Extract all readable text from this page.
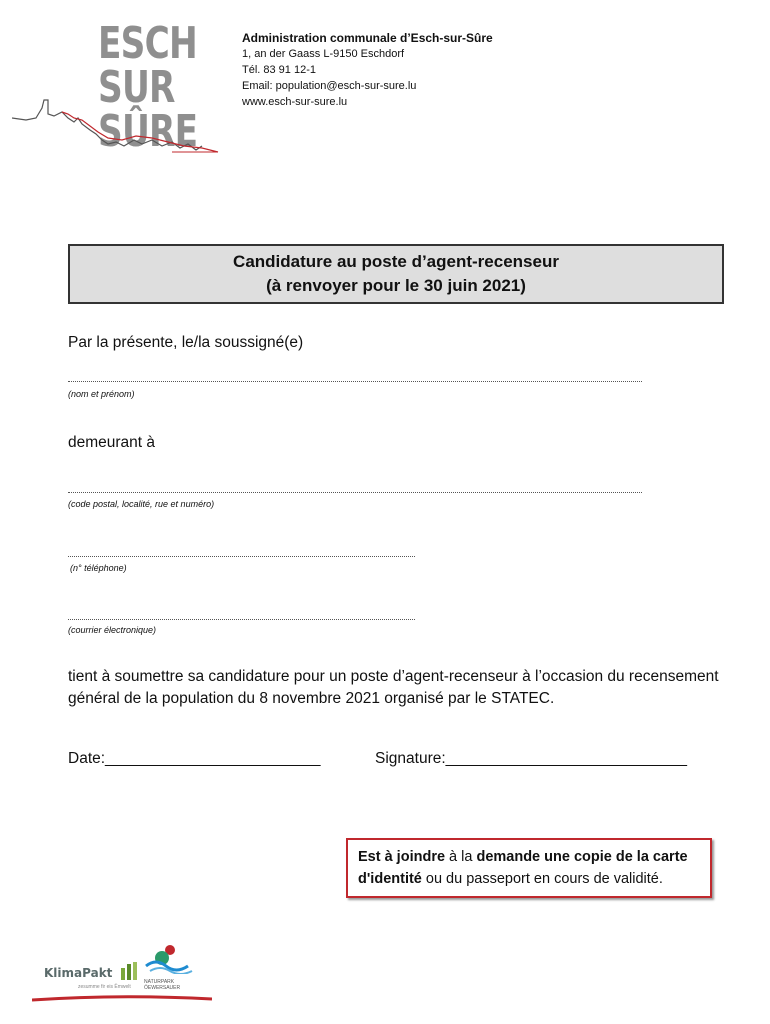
ESCH
SUR
SÛRE
Administration communale d’Esch-sur-Sûre
1, an der Gaass L-9150 Eschdorf
Tél. 83 91 12-1
Email: population@esch-sur-sure.lu
www.esch-sur-sure.lu
Candidature au poste d’agent-recenseur
(à renvoyer pour le 30 juin 2021)
Par la présente, le/la soussigné(e)
(nom et prénom)
demeurant à
(code postal, localité, rue et numéro)
(n° téléphone)
(courrier électronique)
tient à soumettre sa candidature pour un poste d’agent-recenseur à l’occasion du recensement
général de la population du 8 novembre 2021 organisé par le STATEC.
Date:_________________________	Signature:____________________________
Est à joindre à la demande une copie de la carte d'identité ou du passeport en cours de validité.
KlimaPakt
zesumme fir eis Ëmwelt
NATURPARK
ÖEWERSAUER
